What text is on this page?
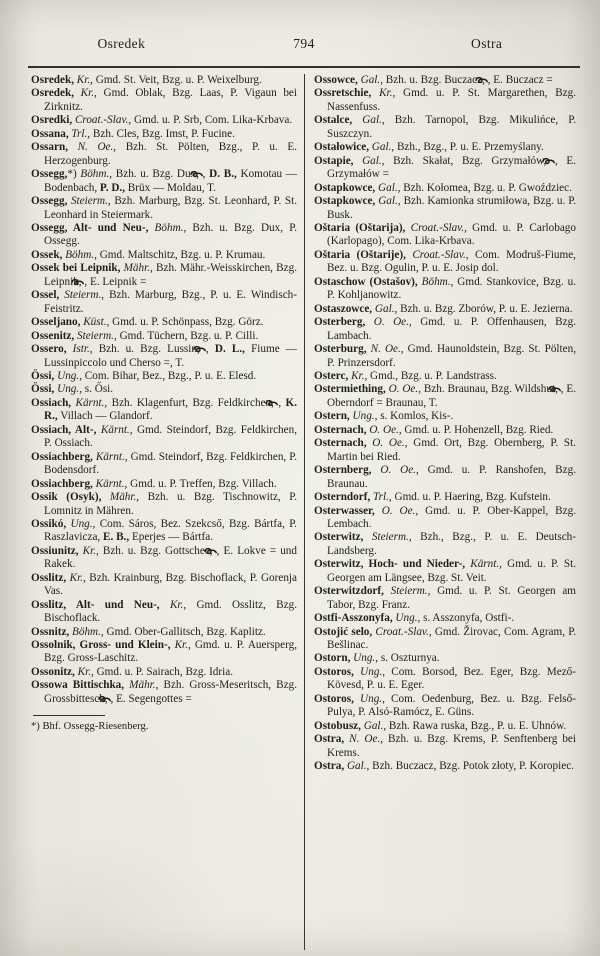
Osredek	794	Ostra

Osredek, Kr., Gmd. St. Veit, Bzg. u. P. Weixelburg.

Osredek, Kr., Gmd. Oblak, Bzg. Laas, P. Vigaun bei Zirknitz.

Osredki, Croat.-Slav., Gmd. u. P. Srb, Com. Lika-Krbava.

Ossana, Trl., Bzh. Cles, Bzg. Imst, P. Fucine.

Ossarn, N. Oe., Bzh. St. Pölten, Bzg., P. u. E. Herzogenburg.

Ossegg,*) Böhm., Bzh. u. Bzg. Dux, , D. B., Komotau — Bodenbach, P. D., Brüx — Moldau, T.

Ossegg, Steierm., Bzh. Marburg, Bzg. St. Leonhard, P. St. Leonhard in Steiermark.

Ossegg, Alt- und Neu-, Böhm., Bzh. u. Bzg. Dux, P. Ossegg.

Ossek, Böhm., Gmd. Maltschitz, Bzg. u. P. Krumau.

Ossek bei Leipnik, Mähr., Bzh. Mähr.-Weisskirchen, Bzg. Leipnik, , E. Leipnik =

Ossel, Steierm., Bzh. Marburg, Bzg., P. u. E. Windisch-Feistritz.

Osseljano, Küst., Gmd. u. P. Schönpass, Bzg. Görz.

Ossenitz, Steierm., Gmd. Tüchern, Bzg. u. P. Cilli.

Ossero, Istr., Bzh. u. Bzg. Lussin, , D. L., Fiume — Lussinpiccolo und Cherso =, T.

Össi, Ung., Com. Bihar, Bez., Bzg., P. u. E. Elesd.

Össi, Ung., s. Ősi.

Ossiach, Kärnt., Bzh. Klagenfurt, Bzg. Feldkirchen, , K. R., Villach — Glandorf.

Ossiach, Alt-, Kärnt., Gmd. Steindorf, Bzg. Feldkirchen, P. Ossiach.

Ossiachberg, Kärnt., Gmd. Steindorf, Bzg. Feldkirchen, P. Bodensdorf.

Ossiachberg, Kärnt., Gmd. u. P. Treffen, Bzg. Villach.

Ossik (Osyk), Mähr., Bzh. u. Bzg. Tischnowitz, P. Lomnitz in Mähren.

Ossikó, Ung., Com. Sáros, Bez. Szekcső, Bzg. Bártfa, P. Raszlavicza, E. B., Eperjes — Bártfa.

Ossiunitz, Kr., Bzh. u. Bzg. Gottschee, , E. Lokve = und Rakek.

Osslitz, Kr., Bzh. Krainburg, Bzg. Bischoflack, P. Gorenja Vas.

Osslitz, Alt- und Neu-, Kr., Gmd. Osslitz, Bzg. Bischoflack.

Ossnitz, Böhm., Gmd. Ober-Gallitsch, Bzg. Kaplitz.

Ossolnik, Gross- und Klein-, Kr., Gmd. u. P. Auersperg, Bzg. Gross-Laschitz.

Ossonitz, Kr., Gmd. u. P. Sairach, Bzg. Idria.

Ossowa Bittischka, Mähr., Bzh. Gross-Meseritsch, Bzg. Grossbittesch, , E. Segengottes =

*) Bhf. Ossegg-Riesenberg.

Ossowce, Gal., Bzh. u. Bzg. Buczacz, , E. Buczacz =

Ossretschie, Kr., Gmd. u. P. St. Margarethen, Bzg. Nassenfuss.

Ostalce, Gal., Bzh. Tarnopol, Bzg. Mikulińce, P. Suszczyn.

Ostałowice, Gal., Bzh., Bzg., P. u. E. Przemyślany.

Ostapie, Gal., Bzh. Skałat, Bzg. Grzymałów, , E. Grzymałów =

Ostapkowce, Gal., Bzh. Kołomea, Bzg. u. P. Gwoździec.

Ostapkowce, Gal., Bzh. Kamionka strumiłowa, Bzg. u. P. Busk.

Oštaria (Oštarija), Croat.-Slav., Gmd. u. P. Carlobago (Karlopago), Com. Lika-Krbava.

Oštaria (Oštarije), Croat.-Slav., Com. Modruš-Fiume, Bez. u. Bzg. Ogulin, P. u. E. Josip dol.

Ostaschow (Ostašov), Böhm., Gmd. Stankovice, Bzg. u. P. Kohljanowitz.

Ostaszowce, Gal., Bzh. u. Bzg. Zborów, P. u. E. Jezierna.

Osterberg, O. Oe., Gmd. u. P. Offenhausen, Bzg. Lambach.

Osterburg, N. Oe., Gmd. Haunoldstein, Bzg. St. Pölten, P. Prinzersdorf.

Osterc, Kr., Gmd., Bzg. u. P. Landstrass.

Ostermiething, O. Oe., Bzh. Braunau, Bzg. Wildshut, , E. Oberndorf = Braunau, T.

Ostern, Ung., s. Komlos, Kis-.

Osternach, O. Oe., Gmd. u. P. Hohenzell, Bzg. Ried.

Osternach, O. Oe., Gmd. Ort, Bzg. Obernberg, P. St. Martin bei Ried.

Osternberg, O. Oe., Gmd. u. P. Ranshofen, Bzg. Braunau.

Osterndorf, Trl., Gmd. u. P. Haering, Bzg. Kufstein.

Osterwasser, O. Oe., Gmd. u. P. Ober-Kappel, Bzg. Lembach.

Osterwitz, Steierm., Bzh., Bzg., P. u. E. Deutsch-Landsberg.

Osterwitz, Hoch- und Nieder-, Kärnt., Gmd. u. P. St. Georgen am Längsee, Bzg. St. Veit.

Osterwitzdorf, Steierm., Gmd. u. P. St. Georgen am Tabor, Bzg. Franz.

Ostfi-Asszonyfa, Ung., s. Asszonyfa, Ostfi-.

Ostojić selo, Croat.-Slav., Gmd. Žirovac, Com. Agram, P. Bešlinac.

Ostorn, Ung., s. Oszturnya.

Ostoros, Ung., Com. Borsod, Bez. Eger, Bzg. Mező-Kövesd, P. u. E. Eger.

Ostoros, Ung., Com. Oedenburg, Bez. u. Bzg. Felső-Pulya, P. Alsó-Ramócz, E. Güns.

Ostobusz, Gal., Bzh. Rawa ruska, Bzg., P. u. E. Uhnów.

Ostra, N. Oe., Bzh. u. Bzg. Krems, P. Senftenberg bei Krems.

Ostra, Gal., Bzh. Buczacz, Bzg. Potok złoty, P. Koropiec.
